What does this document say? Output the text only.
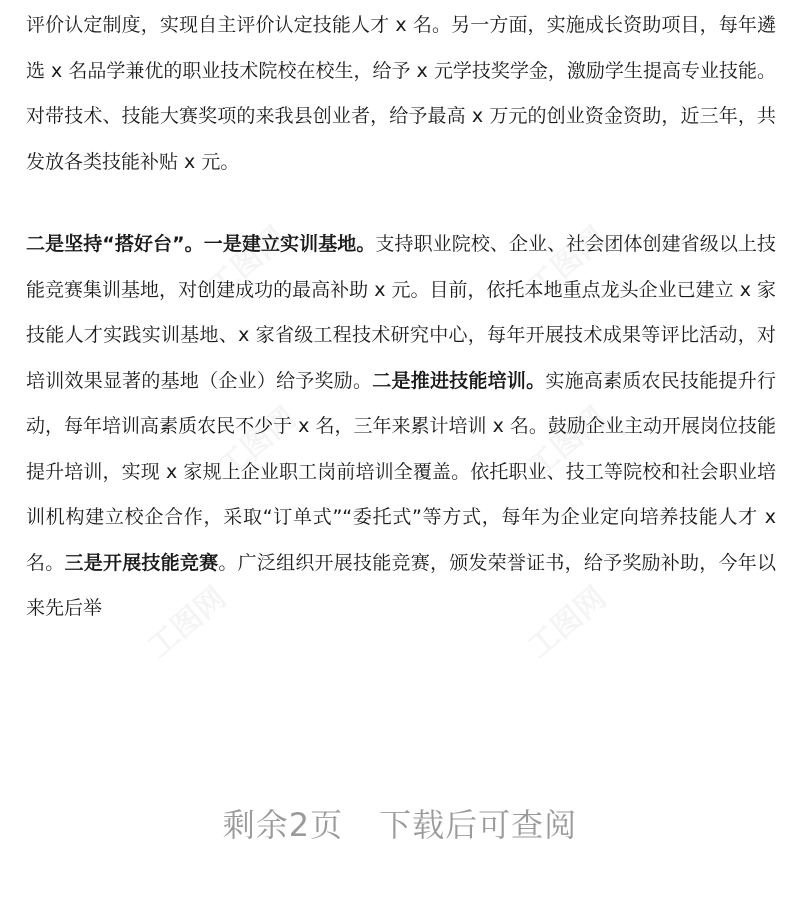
评价认定制度，实现自主评价认定技能人才 x 名。另一方面，实施成长资助项目，每年遴选 x 名品学兼优的职业技术院校在校生，给予 x 元学技奖学金，激励学生提高专业技能。对带技术、技能大赛奖项的来我县创业者，给予最高 x 万元的创业资金资助，近三年，共发放各类技能补贴 x 元。

二是坚持“搭好台”。一是建立实训基地。支持职业院校、企业、社会团体创建省级以上技能竞赛集训基地，对创建成功的最高补助 x 元。目前，依托本地重点龙头企业已建立 x 家技能人才实践实训基地、x 家省级工程技术研究中心，每年开展技术成果等评比活动，对培训效果显著的基地（企业）给予奖励。二是推进技能培训。实施高素质农民技能提升行动，每年培训高素质农民不少于 x 名，三年来累计培训 x 名。鼓励企业主动开展岗位技能提升培训，实现 x 家规上企业职工岗前培训全覆盖。依托职业、技工等院校和社会职业培训机构建立校企合作，采取“订单式”“委托式”等方式，每年为企业定向培养技能人才 x 名。三是开展技能竞赛。广泛组织开展技能竞赛，颁发荣誉证书，给予奖励补助，今年以来先后举

剩余2页 下载后可查阅
